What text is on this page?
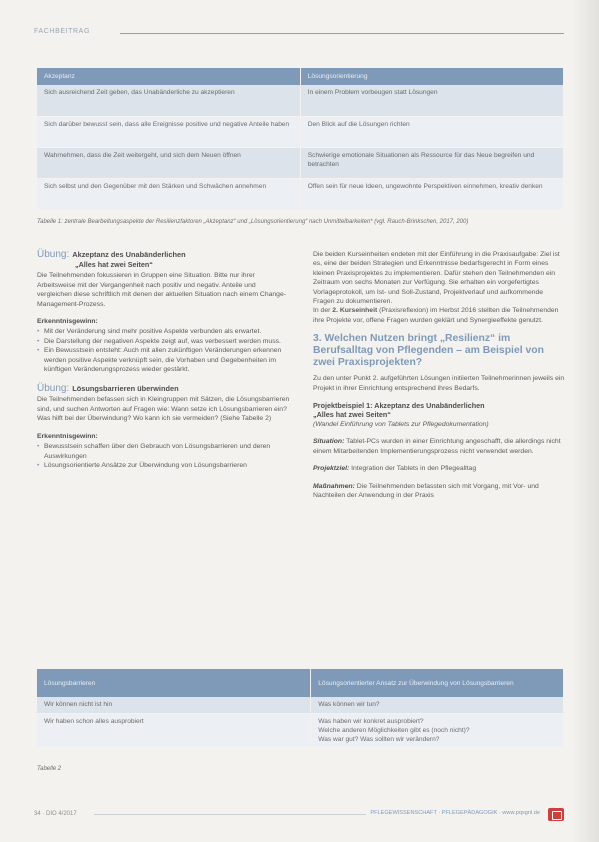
FACHBEITRAG
Akzeptanz	Lösungsorientierung
Sich ausreichend Zeit geben, das Unabänderliche zu akzeptieren	In einem Problem vorbeugen statt Lösungen
Sich darüber bewusst sein, dass alle Ereignisse positive und negative Anteile haben	Den Blick auf die Lösungen richten
Wahrnehmen, dass die Zeit weitergeht, und sich dem Neuen öffnen	Schwierige emotionale Situationen als Ressource für das Neue begreifen und betrachten
Sich selbst und den Gegenüber mit den Stärken und Schwächen annehmen	Offen sein für neue Ideen, ungewohnte Perspektiven einnehmen, kreativ denken
Tabelle 1: zentrale Bearbeitungsaspekte der Resilienzfaktoren „Akzeptanz“ und „Lösungsorientierung“ nach Unmittelbarkeiten* (vgl. Rauch-Brinkschen, 2017, 200)
Übung: Akzeptanz des Unabänderlichen
„Alles hat zwei Seiten“

Die Teilnehmenden fokussieren in Gruppen eine Situation. Bitte nur ihrer Arbeitsweise mit der Vergangenheit nach positiv und negativ. Anteile und vergleichen diese schriftlich mit denen der aktuellen Situation nach einem Change-Management-Prozess.

Erkenntnisgewinn:
• Mit der Veränderung sind mehr positive Aspekte verbunden als erwartet.
• Die Darstellung der negativen Aspekte zeigt auf, was verbessert werden muss.
• Ein Bewusstsein entsteht: Auch mit allen zukünftigen Veränderungen erkennen werden positive Aspekte verknüpft sein, die Vorhaben und Gegebenheiten im künftigen Veränderungsprozess wieder gestärkt.
Übung: Lösungsbarrieren überwinden

Die Teilnehmenden befassen sich in Kleingruppen mit Sätzen, die Lösungsbarrieren sind, und suchen Antworten auf Fragen wie: Wann setze ich Lösungsbarrieren ein? Was hilft bei der Überwindung? Wo kann ich sie vermeiden? (Siehe Tabelle 2)

Erkenntnisgewinn:
• Bewusstsein schaffen über den Gebrauch von Lösungsbarrieren und deren Auswirkungen
• Lösungsorientierte Ansätze zur Überwindung von Lösungsbarrieren

Die beiden Kurseinheiten endeten mit der Einführung in die Praxisaufgabe: Ziel ist es, eine der beiden Strategien und Erkenntnisse bedarfsgerecht in Form eines kleinen Praxisprojektes zu implementieren. Dafür stehen den Teilnehmenden ein Zeitraum von sechs Monaten zur Verfügung. Sie erhalten ein vorgefertigtes Vorlageprotokoll, um Ist- und Soll-Zustand, Projektverlauf und aufkommende Fragen zu dokumentieren.

In der 2. Kurseinheit (Praxisreflexion) im Herbst 2016 stellten die Teilnehmenden ihre Projekte vor, offene Fragen wurden geklärt und Synergieeffekte genutzt.

3. Welchen Nutzen bringt „Resilienz“ im Berufsalltag von Pflegenden – am Beispiel von zwei Praxisprojekten?

Zu den unter Punkt 2. aufgeführten Lösungen initiierten Teilnehmerinnen jeweils ein Projekt in ihrer Einrichtung entsprechend ihres Bedarfs.

Projektbeispiel 1: Akzeptanz des Unabänderlichen
„Alles hat zwei Seiten“
(Wandel Einführung von Tablets zur Pflegedokumentation)

Situation: Tablet-PCs wurden in einer Einrichtung angeschafft, die allerdings nicht einem Mitarbeitenden Implementierungsprozess nicht verwendet werden.

Projektziel: Integration der Tablets in den Pflegealltag

Maßnahmen: Die Teilnehmenden befassten sich mit Vorgang, mit Vor- und Nachteilen der Anwendung in der Praxis

Lösungsbarrieren	Lösungsorientierter Ansatz zur Überwindung von Lösungsbarrieren
Wir können nicht ist hin	Was können wir tun?
Wir haben schon alles ausprobiert	Was haben wir konkret ausprobiert?
Welche anderen Möglichkeiten gibt es (noch nicht)?
Was war gut? Was sollten wir verändern?
Tabelle 2
34 · DIO 4/2017	PFLEGEWISSENSCHAFT · PFLEGEPÄDAGOGIK · www.pqsgnl.de
